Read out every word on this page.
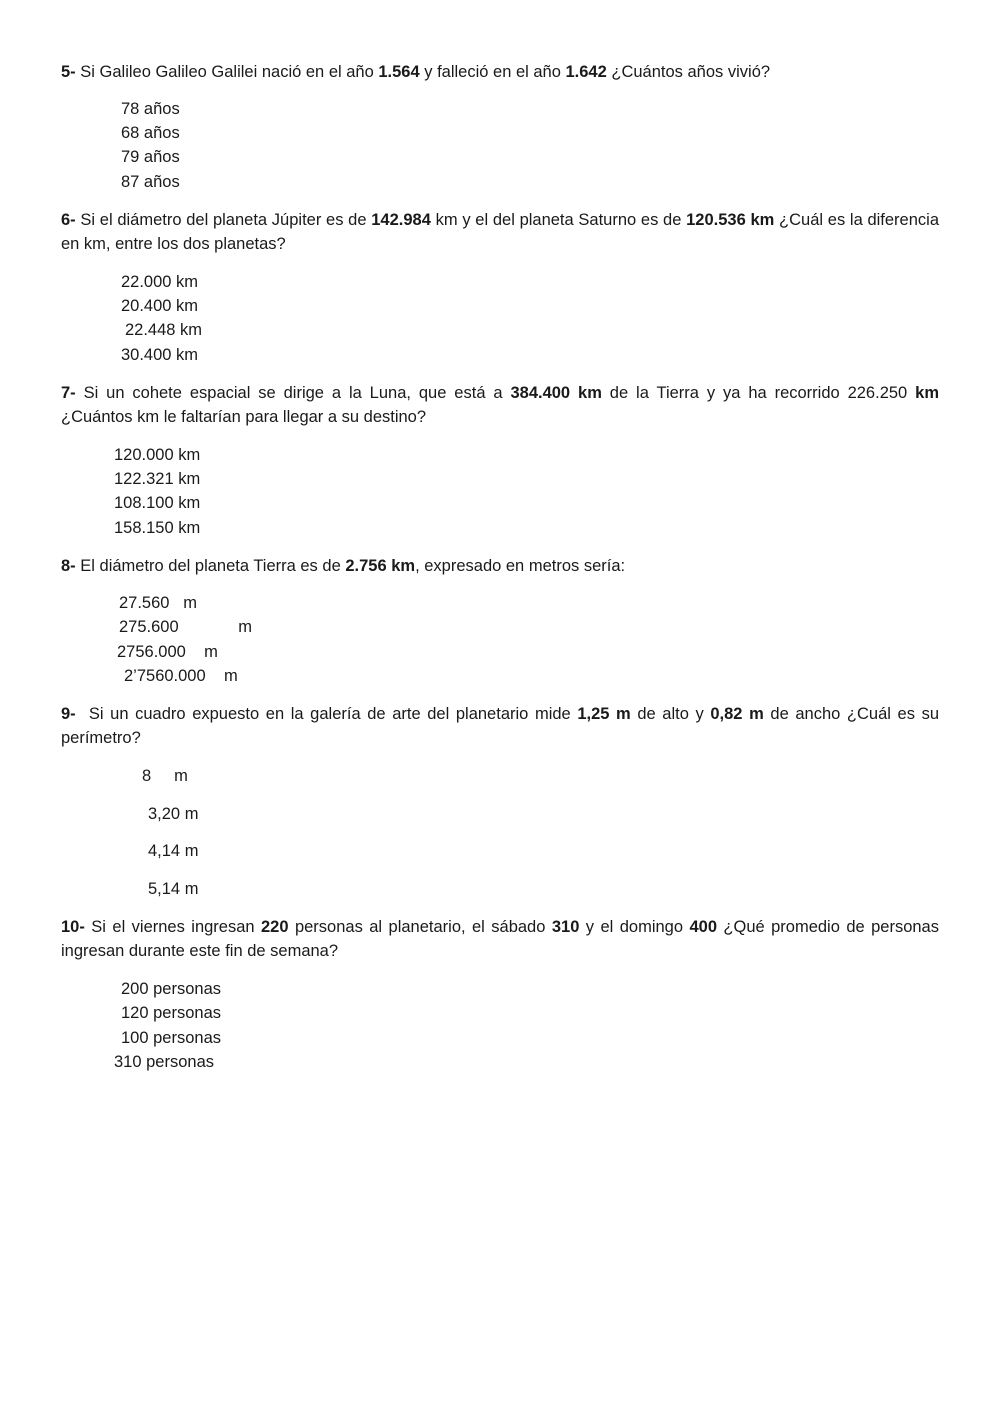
5- Si Galileo Galileo Galilei nació en el año 1.564 y falleció en el año 1.642 ¿Cuántos años vivió?
78 años
68 años
79 años
87 años
6- Si el diámetro del planeta Júpiter es de 142.984 km y el del planeta Saturno es de 120.536 km ¿Cuál es la diferencia en km, entre los dos planetas?
22.000 km
20.400 km
22.448 km
30.400 km
7- Si un cohete espacial se dirige a la Luna, que está a 384.400 km de la Tierra y ya ha recorrido 226.250 km    ¿Cuántos km le faltarían para llegar a su destino?
120.000 km
122.321 km
108.100 km
158.150 km
8- El diámetro del planeta Tierra es de 2.756 km, expresado en metros sería:
27.560   m
275.600             m
2756.000    m
2’7560.000    m
9-  Si un cuadro expuesto en la galería de arte del planetario mide 1,25 m de alto y 0,82 m de ancho ¿Cuál es su perímetro?
8     m
3,20 m
4,14 m
5,14 m
10- Si el viernes ingresan 220 personas al planetario, el sábado 310 y el domingo 400 ¿Qué promedio de personas ingresan durante este fin de semana?
200 personas
120 personas
100 personas
310 personas
